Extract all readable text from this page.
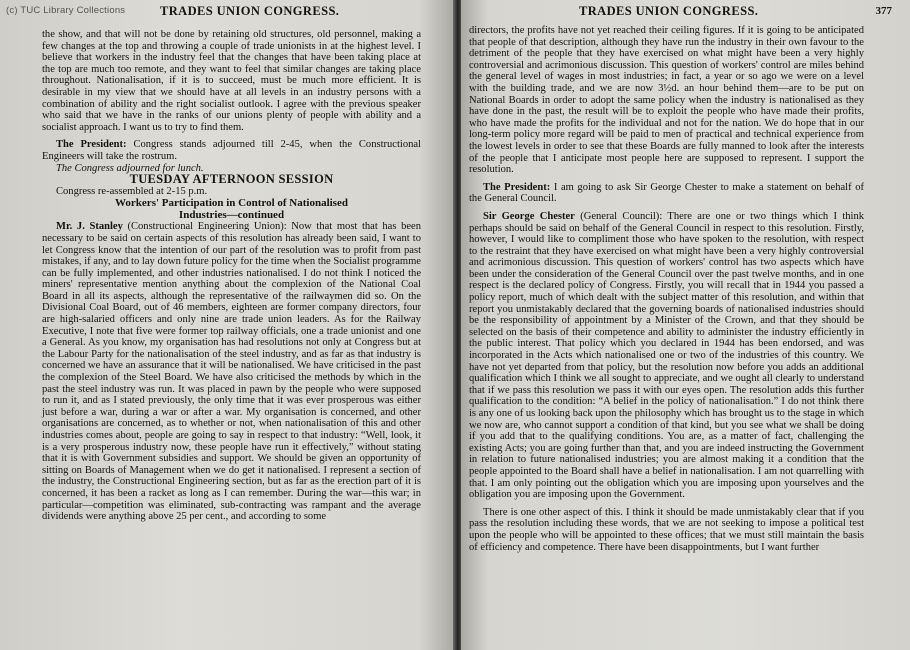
(c) TUC Library Collections	TRADES UNION CONGRESS.

the show, and that will not be done by retaining old structures, old personnel, making a few changes at the top and throwing a couple of trade unionists in at the highest level. I believe that workers in the industry feel that the changes that have been taking place at the top are much too remote, and they want to feel that similar changes are taking place throughout. Nationalisation, if it is to succeed, must be much more efficient. It is desirable in my view that we should have at all levels in an industry persons with a combination of ability and the right socialist outlook. I agree with the previous speaker who said that we have in the ranks of our unions plenty of people with ability and a socialist approach. I want us to try to find them.

The President: Congress stands adjourned till 2-45, when the Constructional Engineers will take the rostrum.

The Congress adjourned for lunch.

TUESDAY AFTERNOON SESSION

Congress re-assembled at 2-15 p.m.

Workers' Participation in Control of Nationalised
Industries—continued

Mr. J. Stanley (Constructional Engineering Union): Now that most that has been necessary to be said on certain aspects of this resolution has already been said, I want to let Congress know that the intention of our part of the resolution was to profit from past mistakes, if any, and to lay down future policy for the time when the Socialist programme can be fully implemented, and other industries nationalised. I do not think I noticed the miners' representative mention anything about the complexion of the National Coal Board in all its aspects, although the representative of the railwaymen did so. On the Divisional Coal Board, out of 46 members, eighteen are former company directors, four are high-salaried officers and only nine are trade union leaders. As for the Railway Executive, I note that five were former top railway officials, one a trade unionist and one a General. As you know, my organisation has had resolutions not only at Congress but at the Labour Party for the nationalisation of the steel industry, and as far as that industry is concerned we have an assurance that it will be nationalised. We have criticised in the past the complexion of the Steel Board. We have also criticised the methods by which in the past the steel industry was run. It was placed in pawn by the people who were supposed to run it, and as I stated previously, the only time that it was ever prosperous was either just before a war, during a war or after a war. My organisation is concerned, and other organisations are concerned, as to whether or not, when nationalisation of this and other industries comes about, people are going to say in respect to that industry: “Well, look, it is a very prosperous industry now, these people have run it effectively,” without stating that it is with Government subsidies and support. We should be given an opportunity of sitting on Boards of Management when we do get it nationalised. I represent a section of the industry, the Constructional Engineering section, but as far as the erection part of it is concerned, it has been a racket as long as I can remember. During the war—this war; in particular—competition was eliminated, sub-contracting was rampant and the average dividends were anything above 25 per cent., and according to some

TRADES UNION CONGRESS.	377

directors, the profits have not yet reached their ceiling figures. If it is going to be anticipated that people of that description, although they have run the industry in their own favour to the detriment of the people that they have exercised on what might have been a very highly controversial and acrimonious discussion. This question of workers' control are miles behind the general level of wages in most industries; in fact, a year or so ago we were on a level with the building trade, and we are now 3½d. an hour behind them—are to be put on National Boards in order to adopt the same policy when the industry is nationalised as they have done in the past, the result will be to exploit the people who have made their profits, who have made the profits for the individual and not for the nation. We do hope that in our long-term policy more regard will be paid to men of practical and technical experience from the lowest levels in order to see that these Boards are fully manned to look after the interests of the people that I anticipate most people here are supposed to represent. I support the resolution.

The President: I am going to ask Sir George Chester to make a statement on behalf of the General Council.

Sir George Chester (General Council): There are one or two things which I think perhaps should be said on behalf of the General Council in respect to this resolution. Firstly, however, I would like to compliment those who have spoken to the resolution, with respect to the restraint that they have exercised on what might have been a very highly controversial and acrimonious discussion. This question of workers' control has two aspects which have been under the consideration of the General Council over the past twelve months, and in one respect is the declared policy of Congress. Firstly, you will recall that in 1944 you passed a policy report, much of which dealt with the subject matter of this resolution, and within that report you unmistakably declared that the governing boards of nationalised industries should be the responsibility of appointment by a Minister of the Crown, and that they should be selected on the basis of their competence and ability to administer the industry efficiently in the public interest. That policy which you declared in 1944 has been endorsed, and was incorporated in the Acts which nationalised one or two of the industries of this country. We have not yet departed from that policy, but the resolution now before you adds an additional qualification which I think we all sought to appreciate, and we ought all clearly to understand that if we pass this resolution we pass it with our eyes open. The resolution adds this further qualification to the condition: “A belief in the policy of nationalisation.” I do not think there is any one of us looking back upon the philosophy which has brought us to the stage in which we now are, who cannot support a condition of that kind, but you see what we shall be doing if you add that to the qualifying conditions. You are, as a matter of fact, challenging the existing Acts; you are going further than that, and you are indeed instructing the Government in relation to future nationalised industries; you are almost making it a condition that the people appointed to the Board shall have a belief in nationalisation. I am not quarrelling with that. I am only pointing out the obligation which you are imposing upon yourselves and the obligation you are imposing upon the Government.

There is one other aspect of this. I think it should be made unmistakably clear that if you pass the resolution including these words, that we are not seeking to impose a political test upon the people who will be appointed to these offices; that we must still maintain the basis of efficiency and competence. There have been disappointments, but I want further
